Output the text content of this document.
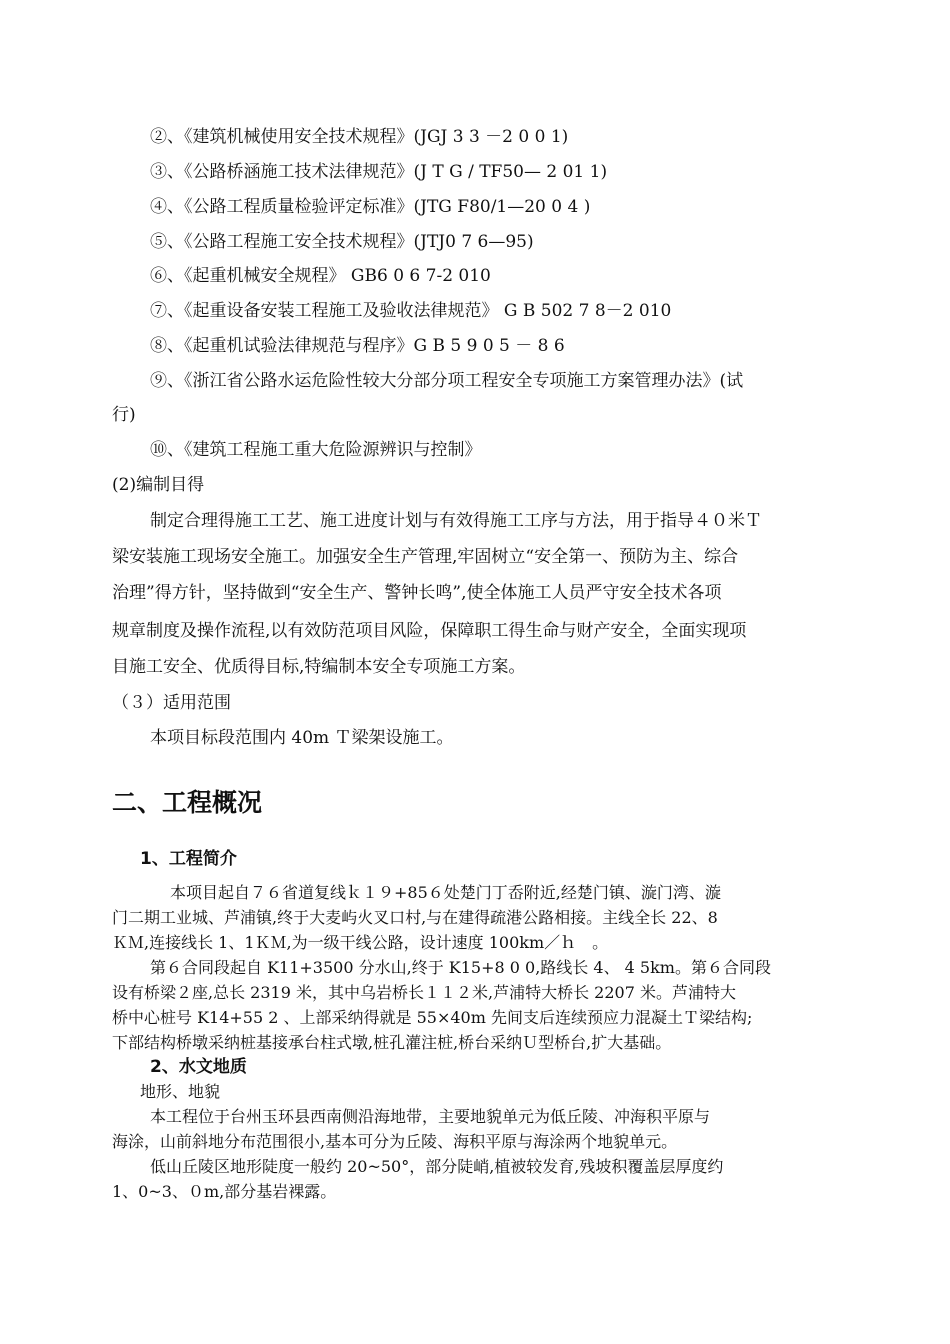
②、《建筑机械使用安全技术规程》(JGJ 3 3 －2 0 0 1)
③、《公路桥涵施工技术法律规范》(J T G / TF50— 2 01 1)
④、《公路工程质量检验评定标准》(JTG F80/1—20 0 4 )
⑤、《公路工程施工安全技术规程》(JTJ0 7 6—95)
⑥、《起重机械安全规程》 GB6 0 6 7-2 010
⑦、《起重设备安装工程施工及验收法律规范》 G B 502 7 8－2 010
⑧、《起重机试验法律规范与程序》G B 5 9 0 5 － 8 6
⑨、《浙江省公路水运危险性较大分部分项工程安全专项施工方案管理办法》(试
行)
⑩、《建筑工程施工重大危险源辨识与控制》
(2)编制目得
制定合理得施工工艺、施工进度计划与有效得施工工序与方法，用于指导４０米Ｔ
梁安装施工现场安全施工。加强安全生产管理,牢固树立“安全第一、预防为主、综合
治理”得方针，坚持做到“安全生产、警钟长鸣”,使全体施工人员严守安全技术各项
规章制度及操作流程,以有效防范项目风险，保障职工得生命与财产安全，全面实现项
目施工安全、优质得目标,特编制本安全专项施工方案。
（３）适用范围
本项目标段范围内 40m Ｔ梁架设施工。
二、工程概况
1、工程简介
本项目起自７６省道复线ｋ１９+85６处楚门丁岙附近,经楚门镇、漩门湾、漩
门二期工业城、芦浦镇,终于大麦屿火叉口村,与在建得疏港公路相接。主线全长 22、8
ＫＭ,连接线长 1、1ＫＭ,为一级干线公路，设计速度 100km／ｈ　。
第６合同段起自 K11+3500 分水山,终于 K15+8 0 0,路线长 4、 4 5km。第６合同段
设有桥梁２座,总长 2319 米，其中乌岩桥长１１２米,芦浦特大桥长 2207 米。芦浦特大
桥中心桩号 K14+55 2 、上部采纳得就是 55×40m 先间支后连续预应力混凝土Ｔ梁结构;
下部结构桥墩采纳桩基接承台柱式墩,桩孔灌注桩,桥台采纳Ｕ型桥台,扩大基础。
2、水文地质
地形、地貌
本工程位于台州玉环县西南侧沿海地带，主要地貌单元为低丘陵、冲海积平原与
海涂，山前斜地分布范围很小,基本可分为丘陵、海积平原与海涂两个地貌单元。
低山丘陵区地形陡度一般约 20~50°，部分陡峭,植被较发育,残坡积覆盖层厚度约
1、0~3、０m,部分基岩裸露。
